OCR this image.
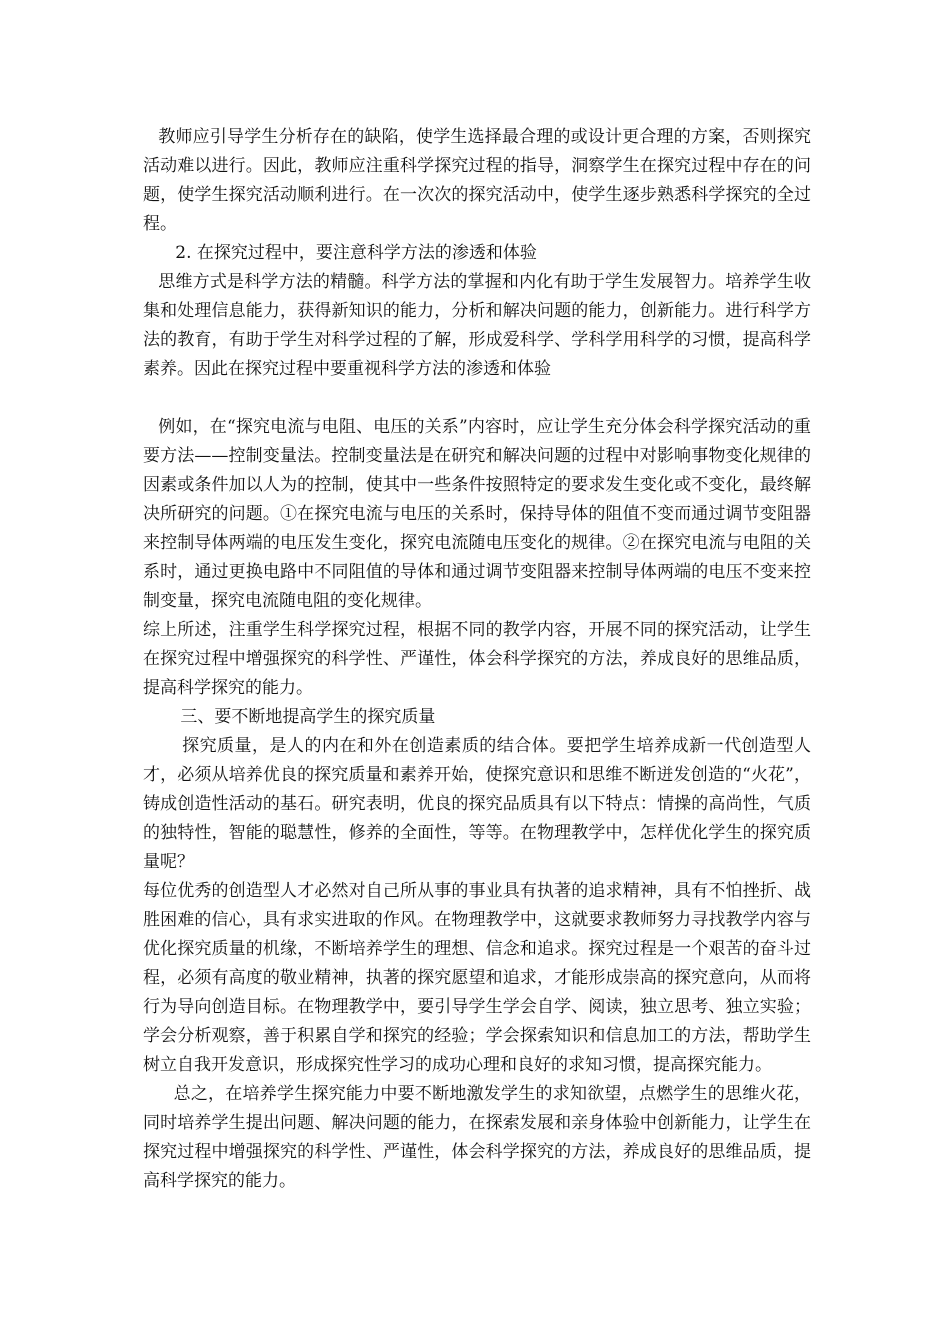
教师应引导学生分析存在的缺陷，使学生选择最合理的或设计更合理的方案，否则探究活动难以进行。因此，教师应注重科学探究过程的指导，洞察学生在探究过程中存在的问题，使学生探究活动顺利进行。在一次次的探究活动中，使学生逐步熟悉科学探究的全过程。

2. 在探究过程中，要注意科学方法的渗透和体验

思维方式是科学方法的精髓。科学方法的掌握和内化有助于学生发展智力。培养学生收集和处理信息能力，获得新知识的能力，分析和解决问题的能力，创新能力。进行科学方法的教育，有助于学生对科学过程的了解，形成爱科学、学科学用科学的习惯，提高科学素养。因此在探究过程中要重视科学方法的渗透和体验

例如，在“探究电流与电阻、电压的关系”内容时，应让学生充分体会科学探究活动的重要方法——控制变量法。控制变量法是在研究和解决问题的过程中对影响事物变化规律的因素或条件加以人为的控制，使其中一些条件按照特定的要求发生变化或不变化，最终解决所研究的问题。①在探究电流与电压的关系时，保持导体的阻值不变而通过调节变阻器来控制导体两端的电压发生变化，探究电流随电压变化的规律。②在探究电流与电阻的关系时，通过更换电路中不同阻值的导体和通过调节变阻器来控制导体两端的电压不变来控制变量，探究电流随电阻的变化规律。

综上所述，注重学生科学探究过程，根据不同的教学内容，开展不同的探究活动，让学生在探究过程中增强探究的科学性、严谨性，体会科学探究的方法，养成良好的思维品质，提高科学探究的能力。

三、要不断地提高学生的探究质量

探究质量，是人的内在和外在创造素质的结合体。要把学生培养成新一代创造型人 才，必须从培养优良的探究质量和素养开始，使探究意识和思维不断迸发创造的“火花”，铸成创造性活动的基石。研究表明，优良的探究品质具有以下特点：情操的高尚性，气质的独特性，智能的聪慧性，修养的全面性，等等。在物理教学中，怎样优化学生的探究质量呢？

每位优秀的创造型人才必然对自己所从事的事业具有执著的追求精神，具有不怕挫折、战胜困难的信心，具有求实进取的作风。在物理教学中，这就要求教师努力寻找教学内容与优化探究质量的机缘，不断培养学生的理想、信念和追求。探究过程是一个艰苦的奋斗过程，必须有高度的敬业精神，执著的探究愿望和追求，才能形成崇高的探究意向，从而将行为导向创造目标。在物理教学中，要引导学生学会自学、阅读，独立思考、独立实验；学会分析观察，善于积累自学和探究的经验；学会探索知识和信息加工的方法，帮助学生树立自我开发意识，形成探究性学习的成功心理和良好的求知习惯，提高探究能力。

总之，在培养学生探究能力中要不断地激发学生的求知欲望，点燃学生的思维火花，同时培养学生提出问题、解决问题的能力，在探索发展和亲身体验中创新能力，让学生在探究过程中增强探究的科学性、严谨性，体会科学探究的方法，养成良好的思维品质，提高科学探究的能力。
